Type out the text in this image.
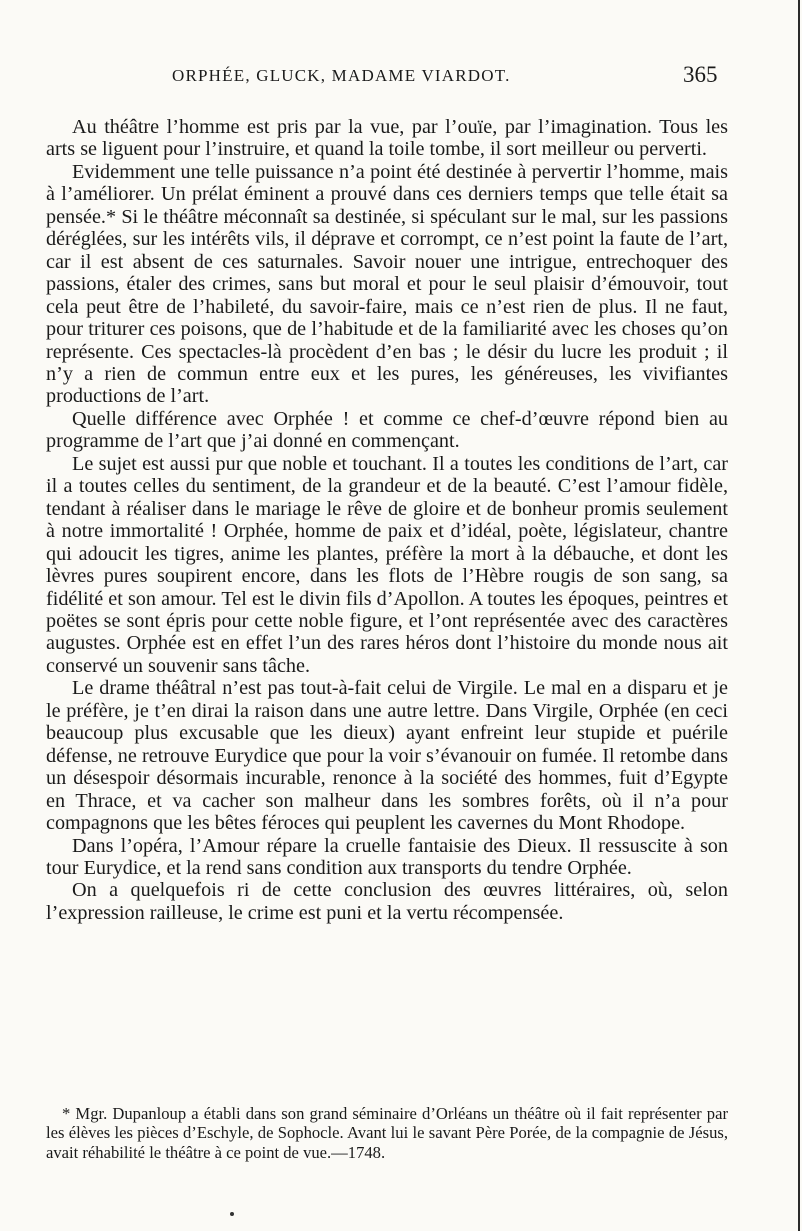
ORPHÉE, GLUCK, MADAME VIARDOT.	365

Au théâtre l’homme est pris par la vue, par l’ouïe, par l’imagination. Tous les arts se liguent pour l’instruire, et quand la toile tombe, il sort meilleur ou perverti.

Evidemment une telle puissance n’a point été destinée à pervertir l’homme, mais à l’améliorer. Un prélat éminent a prouvé dans ces derniers temps que telle était sa pensée.* Si le théâtre méconnaît sa destinée, si spéculant sur le mal, sur les passions déréglées, sur les intérêts vils, il déprave et corrompt, ce n’est point la faute de l’art, car il est absent de ces saturnales. Savoir nouer une intrigue, entrechoquer des passions, étaler des crimes, sans but moral et pour le seul plaisir d’émouvoir, tout cela peut être de l’habileté, du savoir-faire, mais ce n’est rien de plus. Il ne faut, pour triturer ces poisons, que de l’habitude et de la familiarité avec les choses qu’on représente. Ces spectacles-là procèdent d’en bas ; le désir du lucre les produit ; il n’y a rien de commun entre eux et les pures, les généreuses, les vivifiantes productions de l’art.

Quelle différence avec Orphée ! et comme ce chef-d’œuvre répond bien au programme de l’art que j’ai donné en commençant.

Le sujet est aussi pur que noble et touchant. Il a toutes les conditions de l’art, car il a toutes celles du sentiment, de la grandeur et de la beauté. C’est l’amour fidèle, tendant à réaliser dans le mariage le rêve de gloire et de bonheur promis seulement à notre immortalité ! Orphée, homme de paix et d’idéal, poète, législateur, chantre qui adoucit les tigres, anime les plantes, préfère la mort à la débauche, et dont les lèvres pures soupirent encore, dans les flots de l’Hèbre rougis de son sang, sa fidélité et son amour. Tel est le divin fils d’Apollon. A toutes les époques, peintres et poëtes se sont épris pour cette noble figure, et l’ont représentée avec des caractères augustes. Orphée est en effet l’un des rares héros dont l’histoire du monde nous ait conservé un souvenir sans tâche.

Le drame théâtral n’est pas tout-à-fait celui de Virgile. Le mal en a disparu et je le préfère, je t’en dirai la raison dans une autre lettre. Dans Virgile, Orphée (en ceci beaucoup plus excusable que les dieux) ayant enfreint leur stupide et puérile défense, ne retrouve Eurydice que pour la voir s’évanouir on fumée. Il retombe dans un désespoir désormais incurable, renonce à la société des hommes, fuit d’Egypte en Thrace, et va cacher son malheur dans les sombres forêts, où il n’a pour compagnons que les bêtes féroces qui peuplent les cavernes du Mont Rhodope.

Dans l’opéra, l’Amour répare la cruelle fantaisie des Dieux. Il ressuscite à son tour Eurydice, et la rend sans condition aux transports du tendre Orphée.

On a quelquefois ri de cette conclusion des œuvres littéraires, où, selon l’expression railleuse, le crime est puni et la vertu récompensée.

* Mgr. Dupanloup a établi dans son grand séminaire d’Orléans un théâtre où il fait représenter par les élèves les pièces d’Eschyle, de Sophocle. Avant lui le savant Père Porée, de la compagnie de Jésus, avait réhabilité le théâtre à ce point de vue.—1748.
